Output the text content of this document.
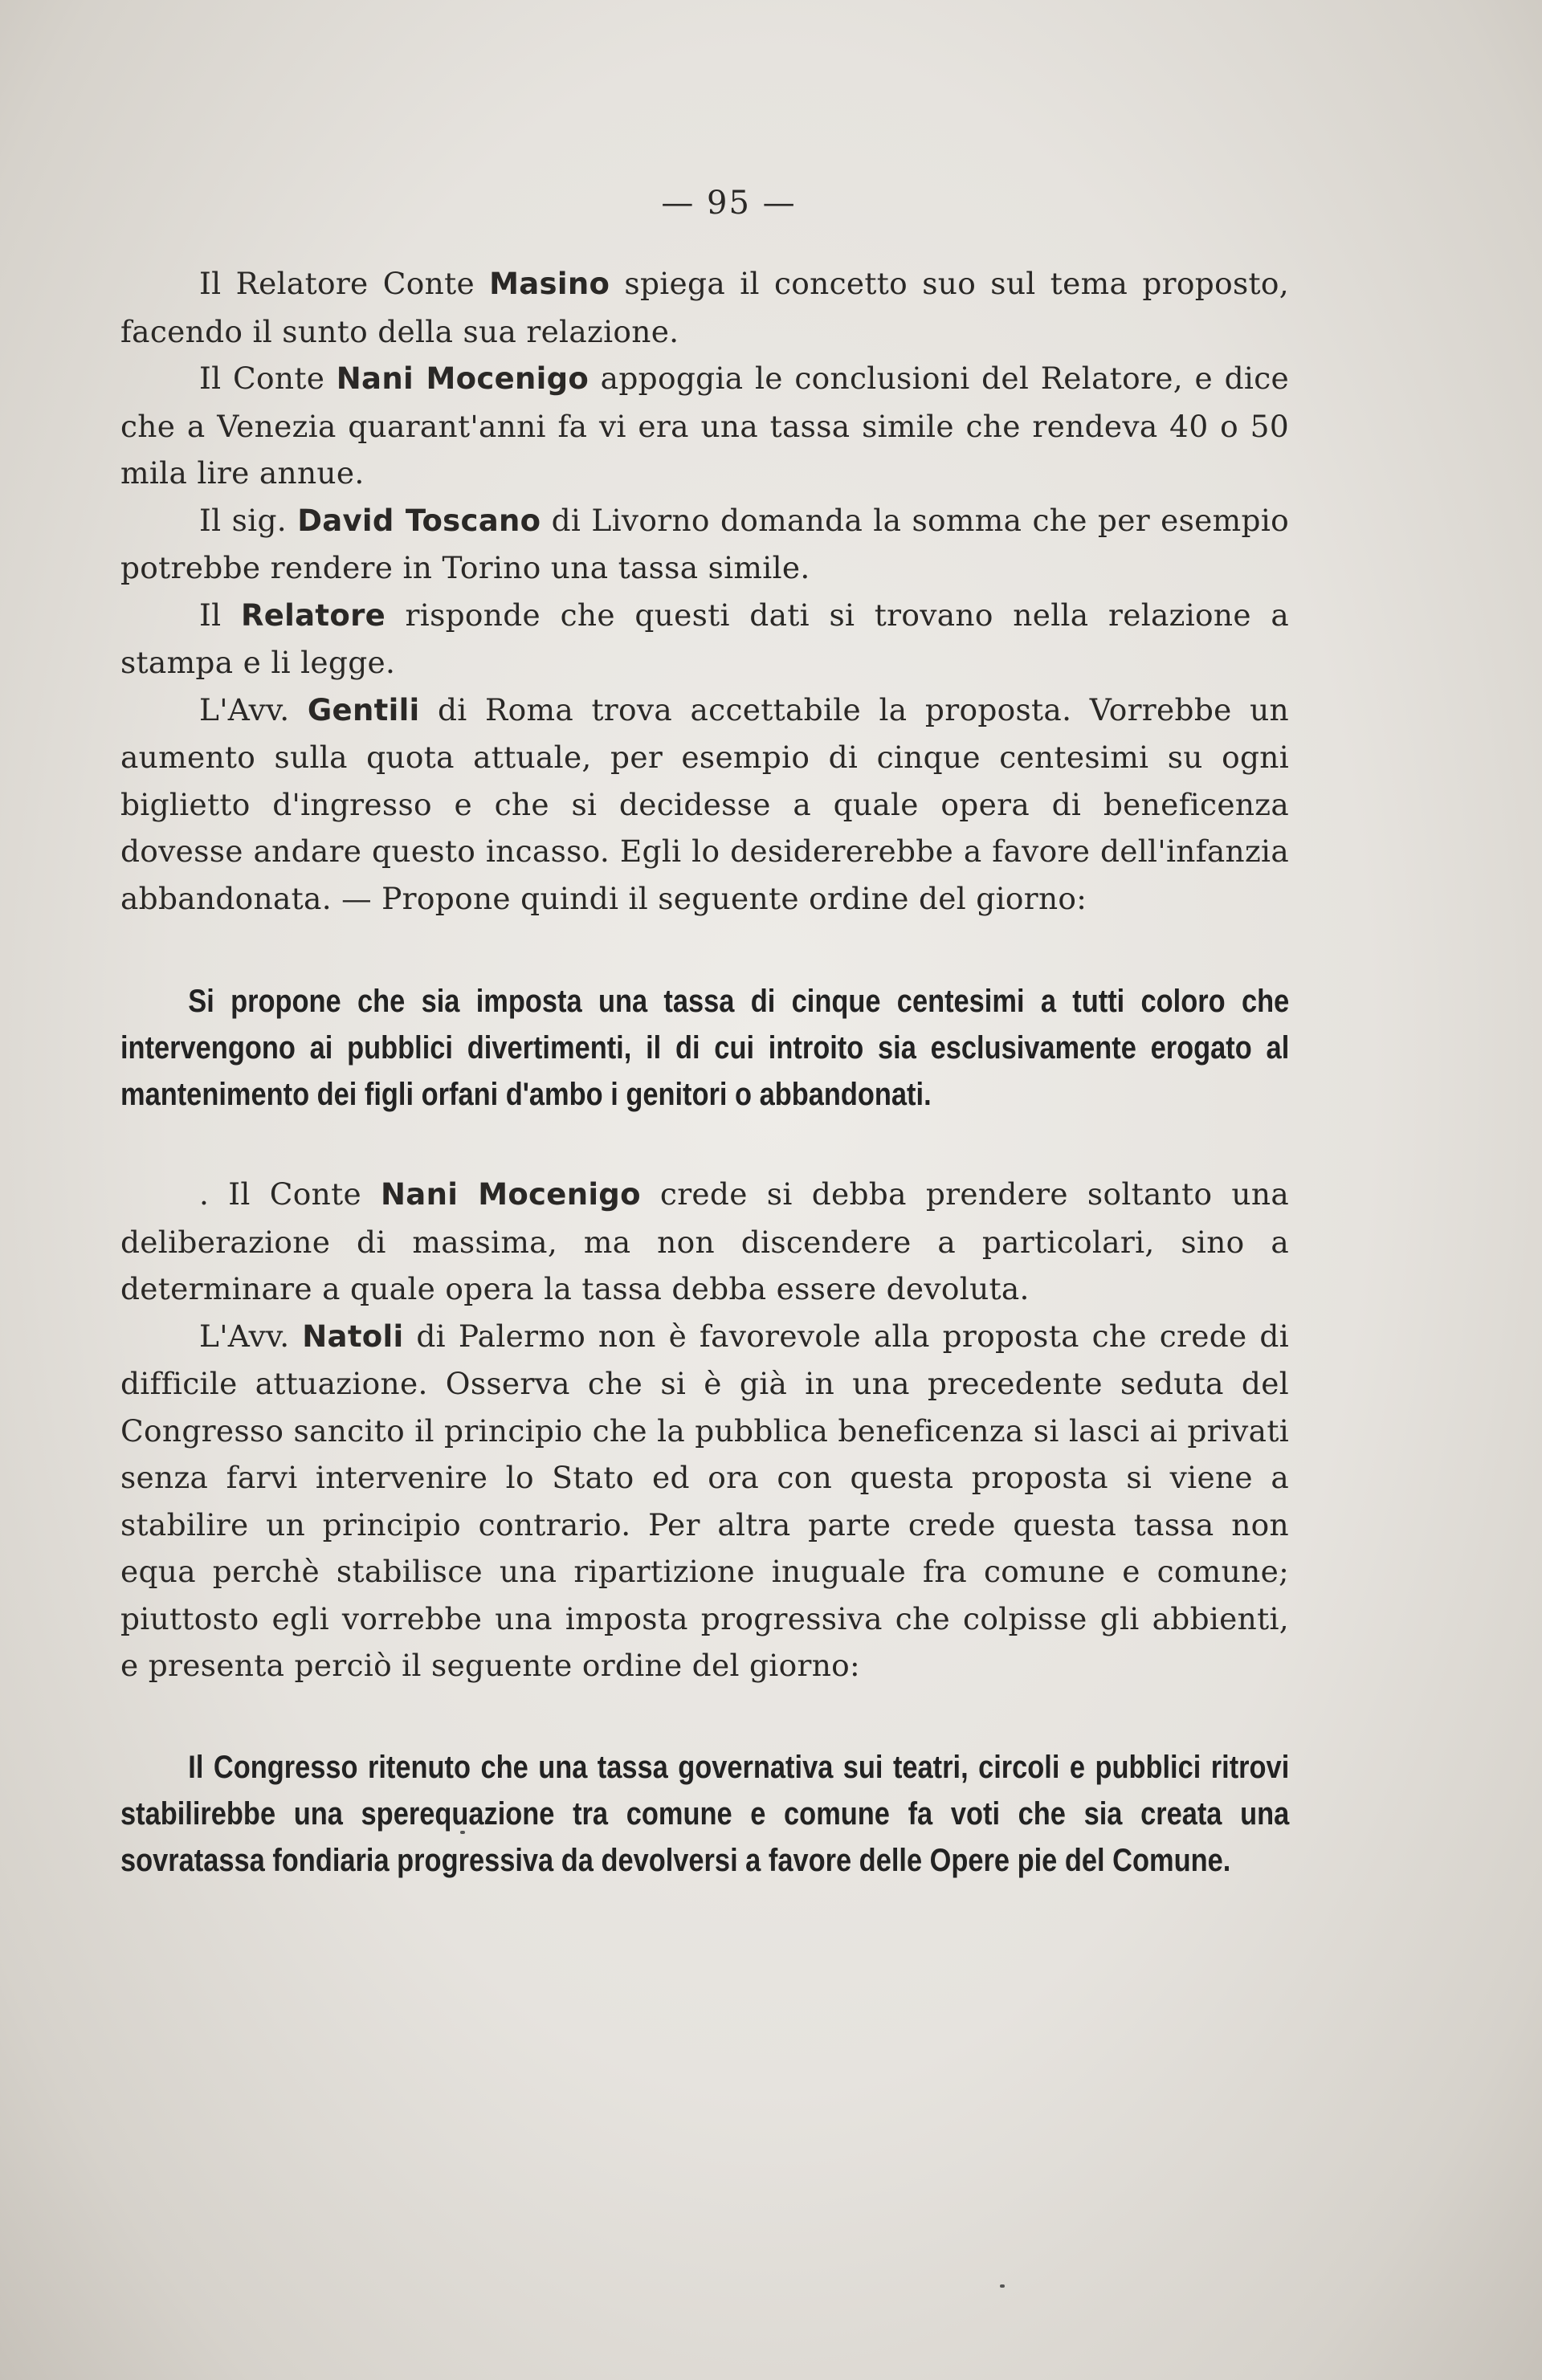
— 95 —

Il Relatore Conte Masino spiega il concetto suo sul tema proposto, facendo il sunto della sua relazione.

Il Conte Nani Mocenigo appoggia le conclusioni del Relatore, e dice che a Venezia quarant'anni fa vi era una tassa simile che rendeva 40 o 50 mila lire annue.

Il sig. David Toscano di Livorno domanda la somma che per esempio potrebbe rendere in Torino una tassa simile.

Il Relatore risponde che questi dati si trovano nella relazione a stampa e li legge.

L'Avv. Gentili di Roma trova accettabile la proposta. Vorrebbe un aumento sulla quota attuale, per esempio di cinque centesimi su ogni biglietto d'ingresso e che si decidesse a quale opera di beneficenza dovesse andare questo incasso. Egli lo desidererebbe a favore dell'infanzia abbandonata. — Propone quindi il seguente ordine del giorno:

Si propone che sia imposta una tassa di cinque centesimi a tutti coloro che intervengono ai pubblici divertimenti, il di cui introito sia esclusivamente erogato al mantenimento dei figli orfani d'ambo i genitori o abbandonati.

. Il Conte Nani Mocenigo crede si debba prendere soltanto una deliberazione di massima, ma non discendere a particolari, sino a determinare a quale opera la tassa debba essere devoluta.

L'Avv. Natoli di Palermo non è favorevole alla proposta che crede di difficile attuazione. Osserva che si è già in una precedente seduta del Congresso sancito il principio che la pubblica beneficenza si lasci ai privati senza farvi intervenire lo Stato ed ora con questa proposta si viene a stabilire un principio contrario. Per altra parte crede questa tassa non equa perchè stabilisce una ripartizione inuguale fra comune e comune; piuttosto egli vorrebbe una imposta progressiva che colpisse gli abbienti, e presenta perciò il seguente ordine del giorno:

Il Congresso ritenuto che una tassa governativa sui teatri, circoli e pubblici ritrovi stabilirebbe una sperequazione tra comune e comune fa voti che sia creata una sovratassa fondiaria progressiva da devolversi a favore delle Opere pie del Comune.
